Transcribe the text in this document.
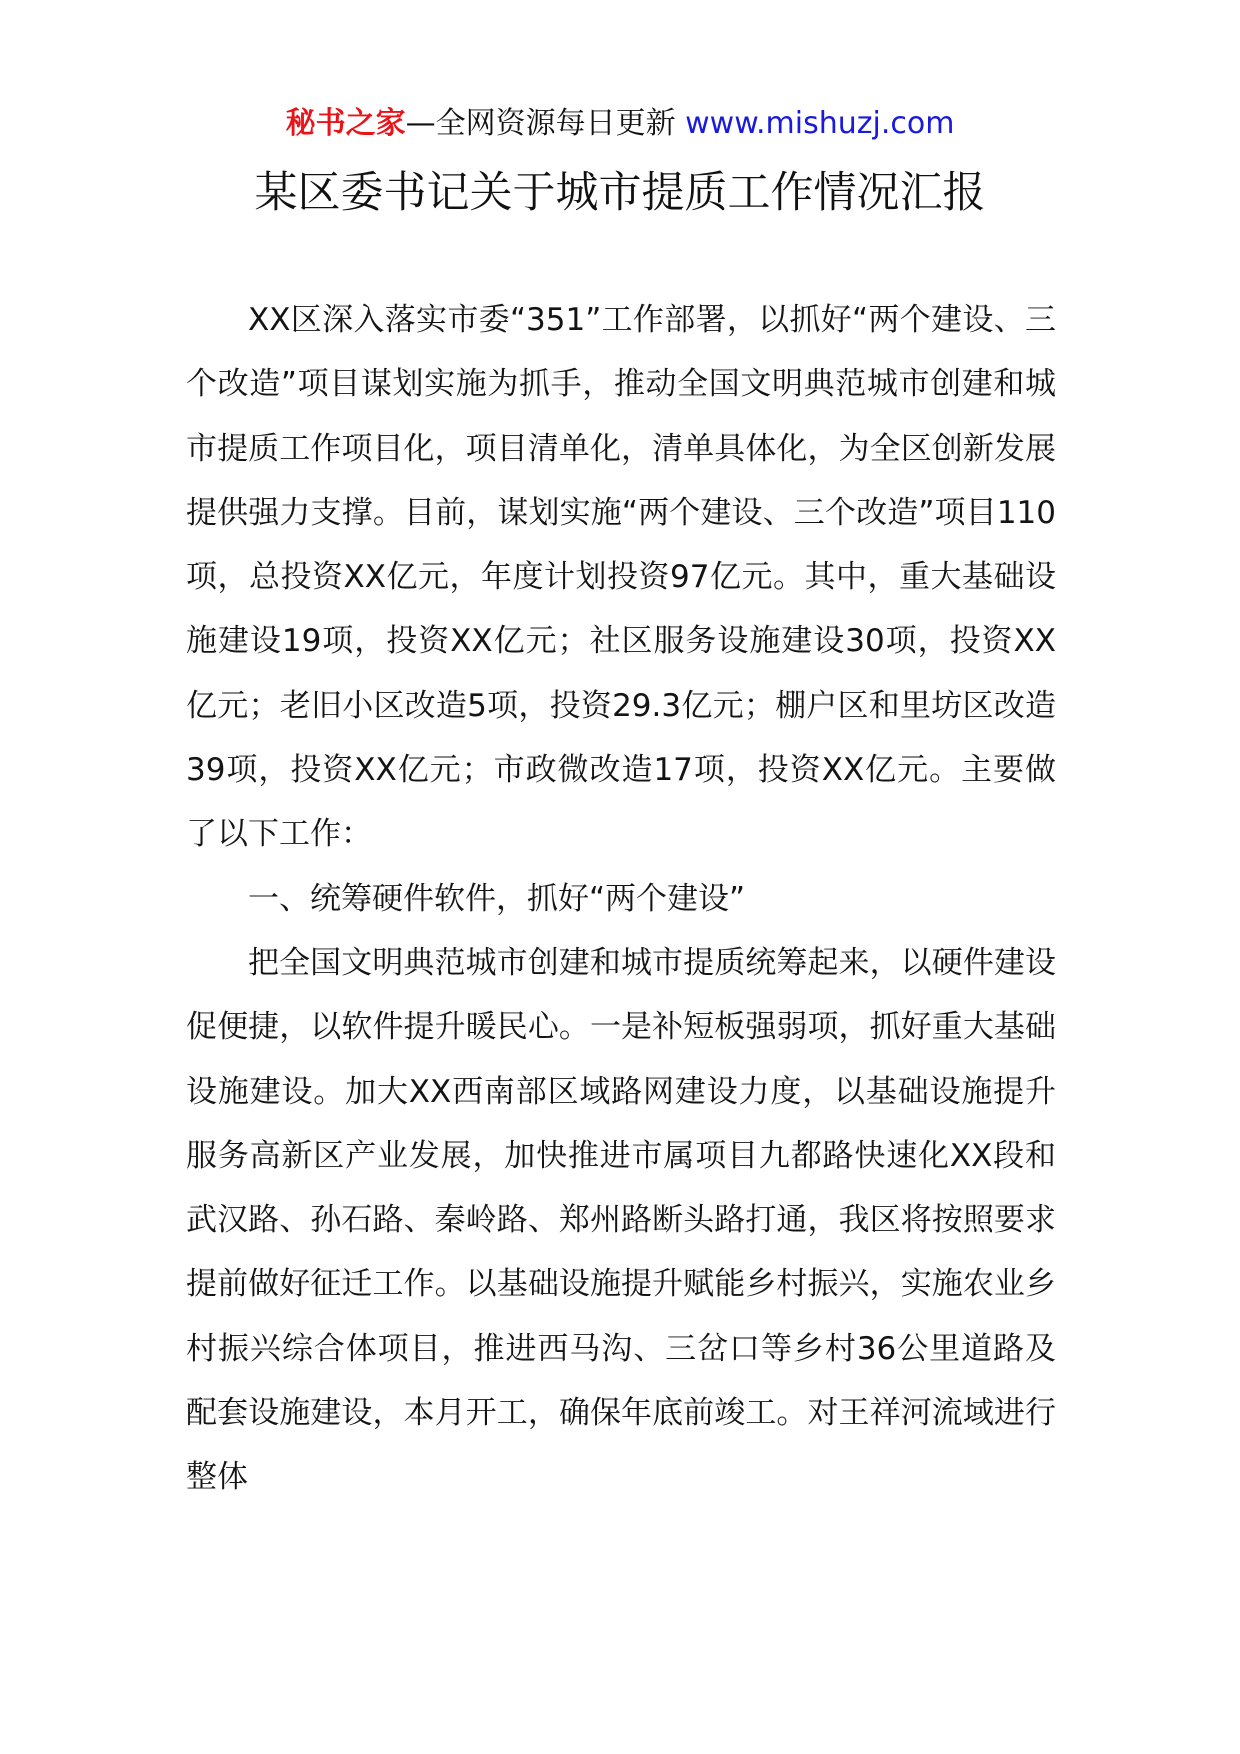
秘书之家—全网资源每日更新 www.mishuzj.com
某区委书记关于城市提质工作情况汇报

XX区深入落实市委“351”工作部署，以抓好“两个建设、三个改造”项目谋划实施为抓手，推动全国文明典范城市创建和城市提质工作项目化，项目清单化，清单具体化，为全区创新发展提供强力支撑。目前，谋划实施“两个建设、三个改造”项目110项，总投资XX亿元，年度计划投资97亿元。其中，重大基础设施建设19项，投资XX亿元；社区服务设施建设30项，投资XX亿元；老旧小区改造5项，投资29.3亿元；棚户区和里坊区改造39项，投资XX亿元；市政微改造17项，投资XX亿元。主要做了以下工作：

一、统筹硬件软件，抓好“两个建设”

把全国文明典范城市创建和城市提质统筹起来，以硬件建设促便捷，以软件提升暖民心。一是补短板强弱项，抓好重大基础设施建设。加大XX西南部区域路网建设力度，以基础设施提升服务高新区产业发展，加快推进市属项目九都路快速化XX段和武汉路、孙石路、秦岭路、郑州路断头路打通，我区将按照要求提前做好征迁工作。以基础设施提升赋能乡村振兴，实施农业乡村振兴综合体项目，推进西马沟、三岔口等乡村36公里道路及配套设施建设，本月开工，确保年底前竣工。对王祥河流域进行整体
